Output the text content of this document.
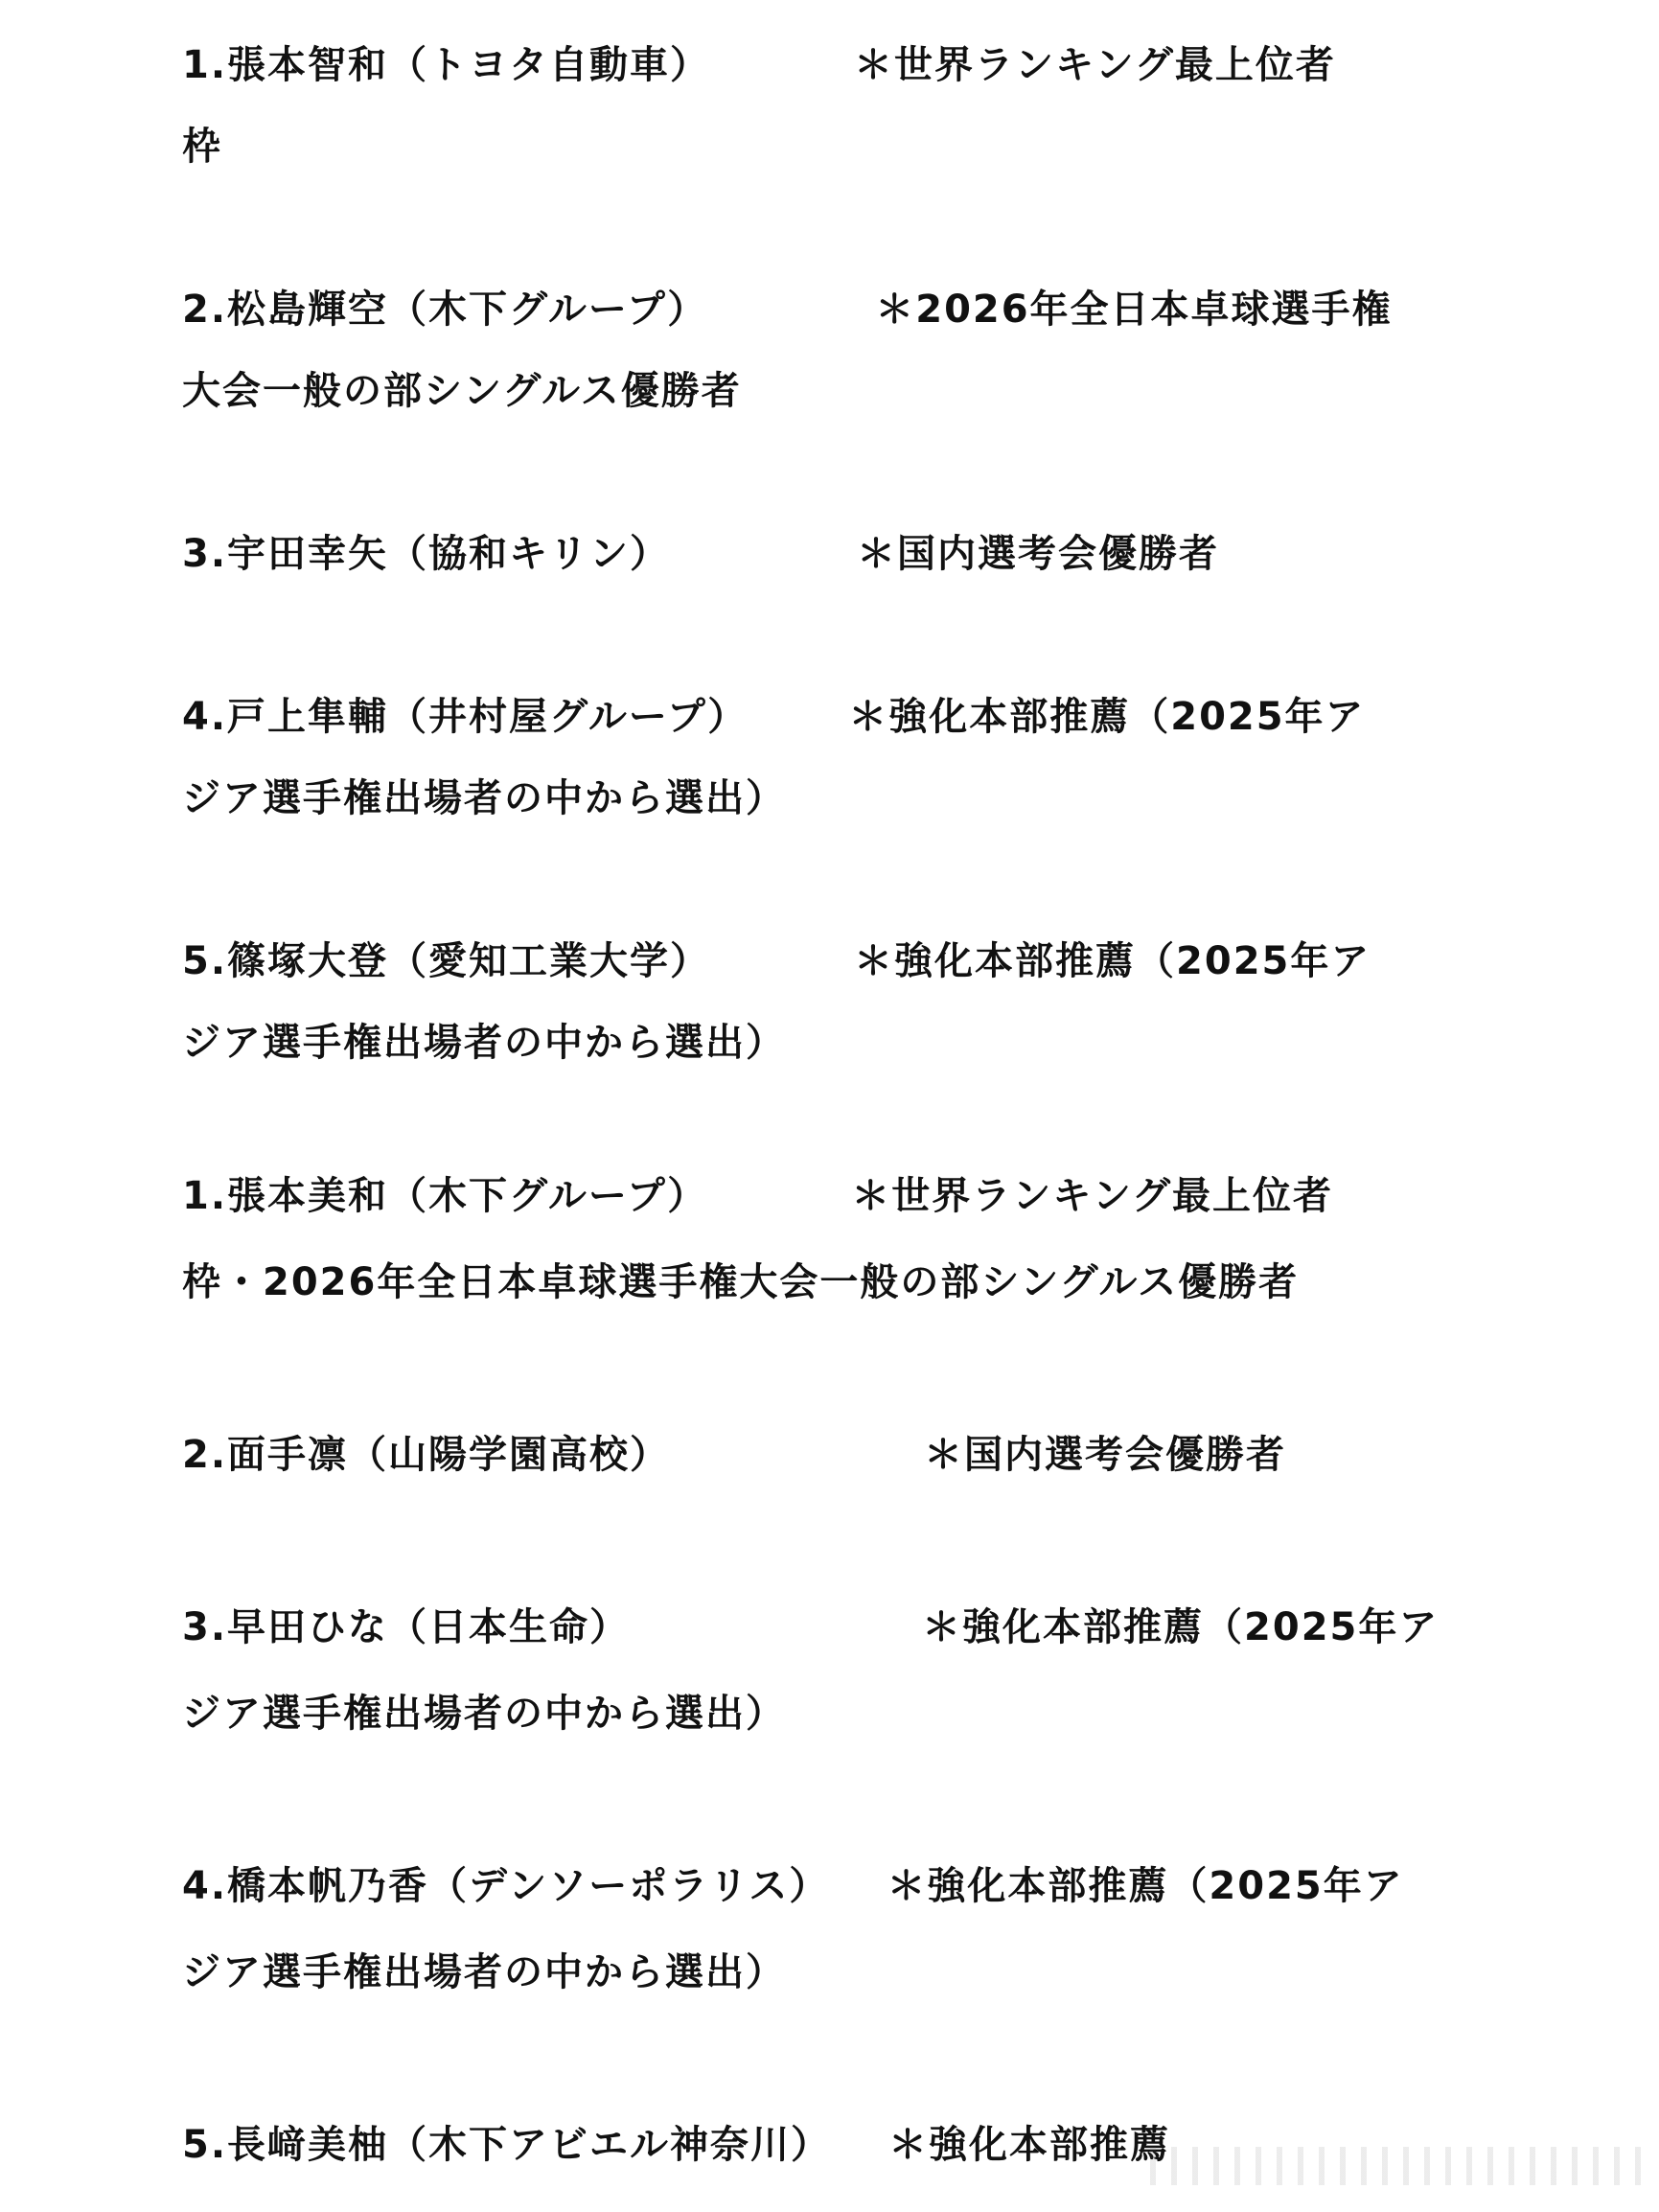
1.張本智和（トヨタ自動車）	＊世界ランキング最上位者
枠
2.松島輝空（木下グループ）	＊2026年全日本卓球選手権
大会一般の部シングルス優勝者
3.宇田幸矢（協和キリン）	＊国内選考会優勝者
4.戸上隼輔（井村屋グループ）	＊強化本部推薦（2025年ア
ジア選手権出場者の中から選出）
5.篠塚大登（愛知工業大学）	＊強化本部推薦（2025年ア
ジア選手権出場者の中から選出）
1.張本美和（木下グループ）	＊世界ランキング最上位者
枠・2026年全日本卓球選手権大会一般の部シングルス優勝者
2.面手凛（山陽学園高校）	＊国内選考会優勝者
3.早田ひな（日本生命）	＊強化本部推薦（2025年ア
ジア選手権出場者の中から選出）
4.橋本帆乃香（デンソーポラリス） ＊強化本部推薦（2025年ア
ジア選手権出場者の中から選出）
5.長﨑美柚（木下アビエル神奈川） ＊強化本部推薦
